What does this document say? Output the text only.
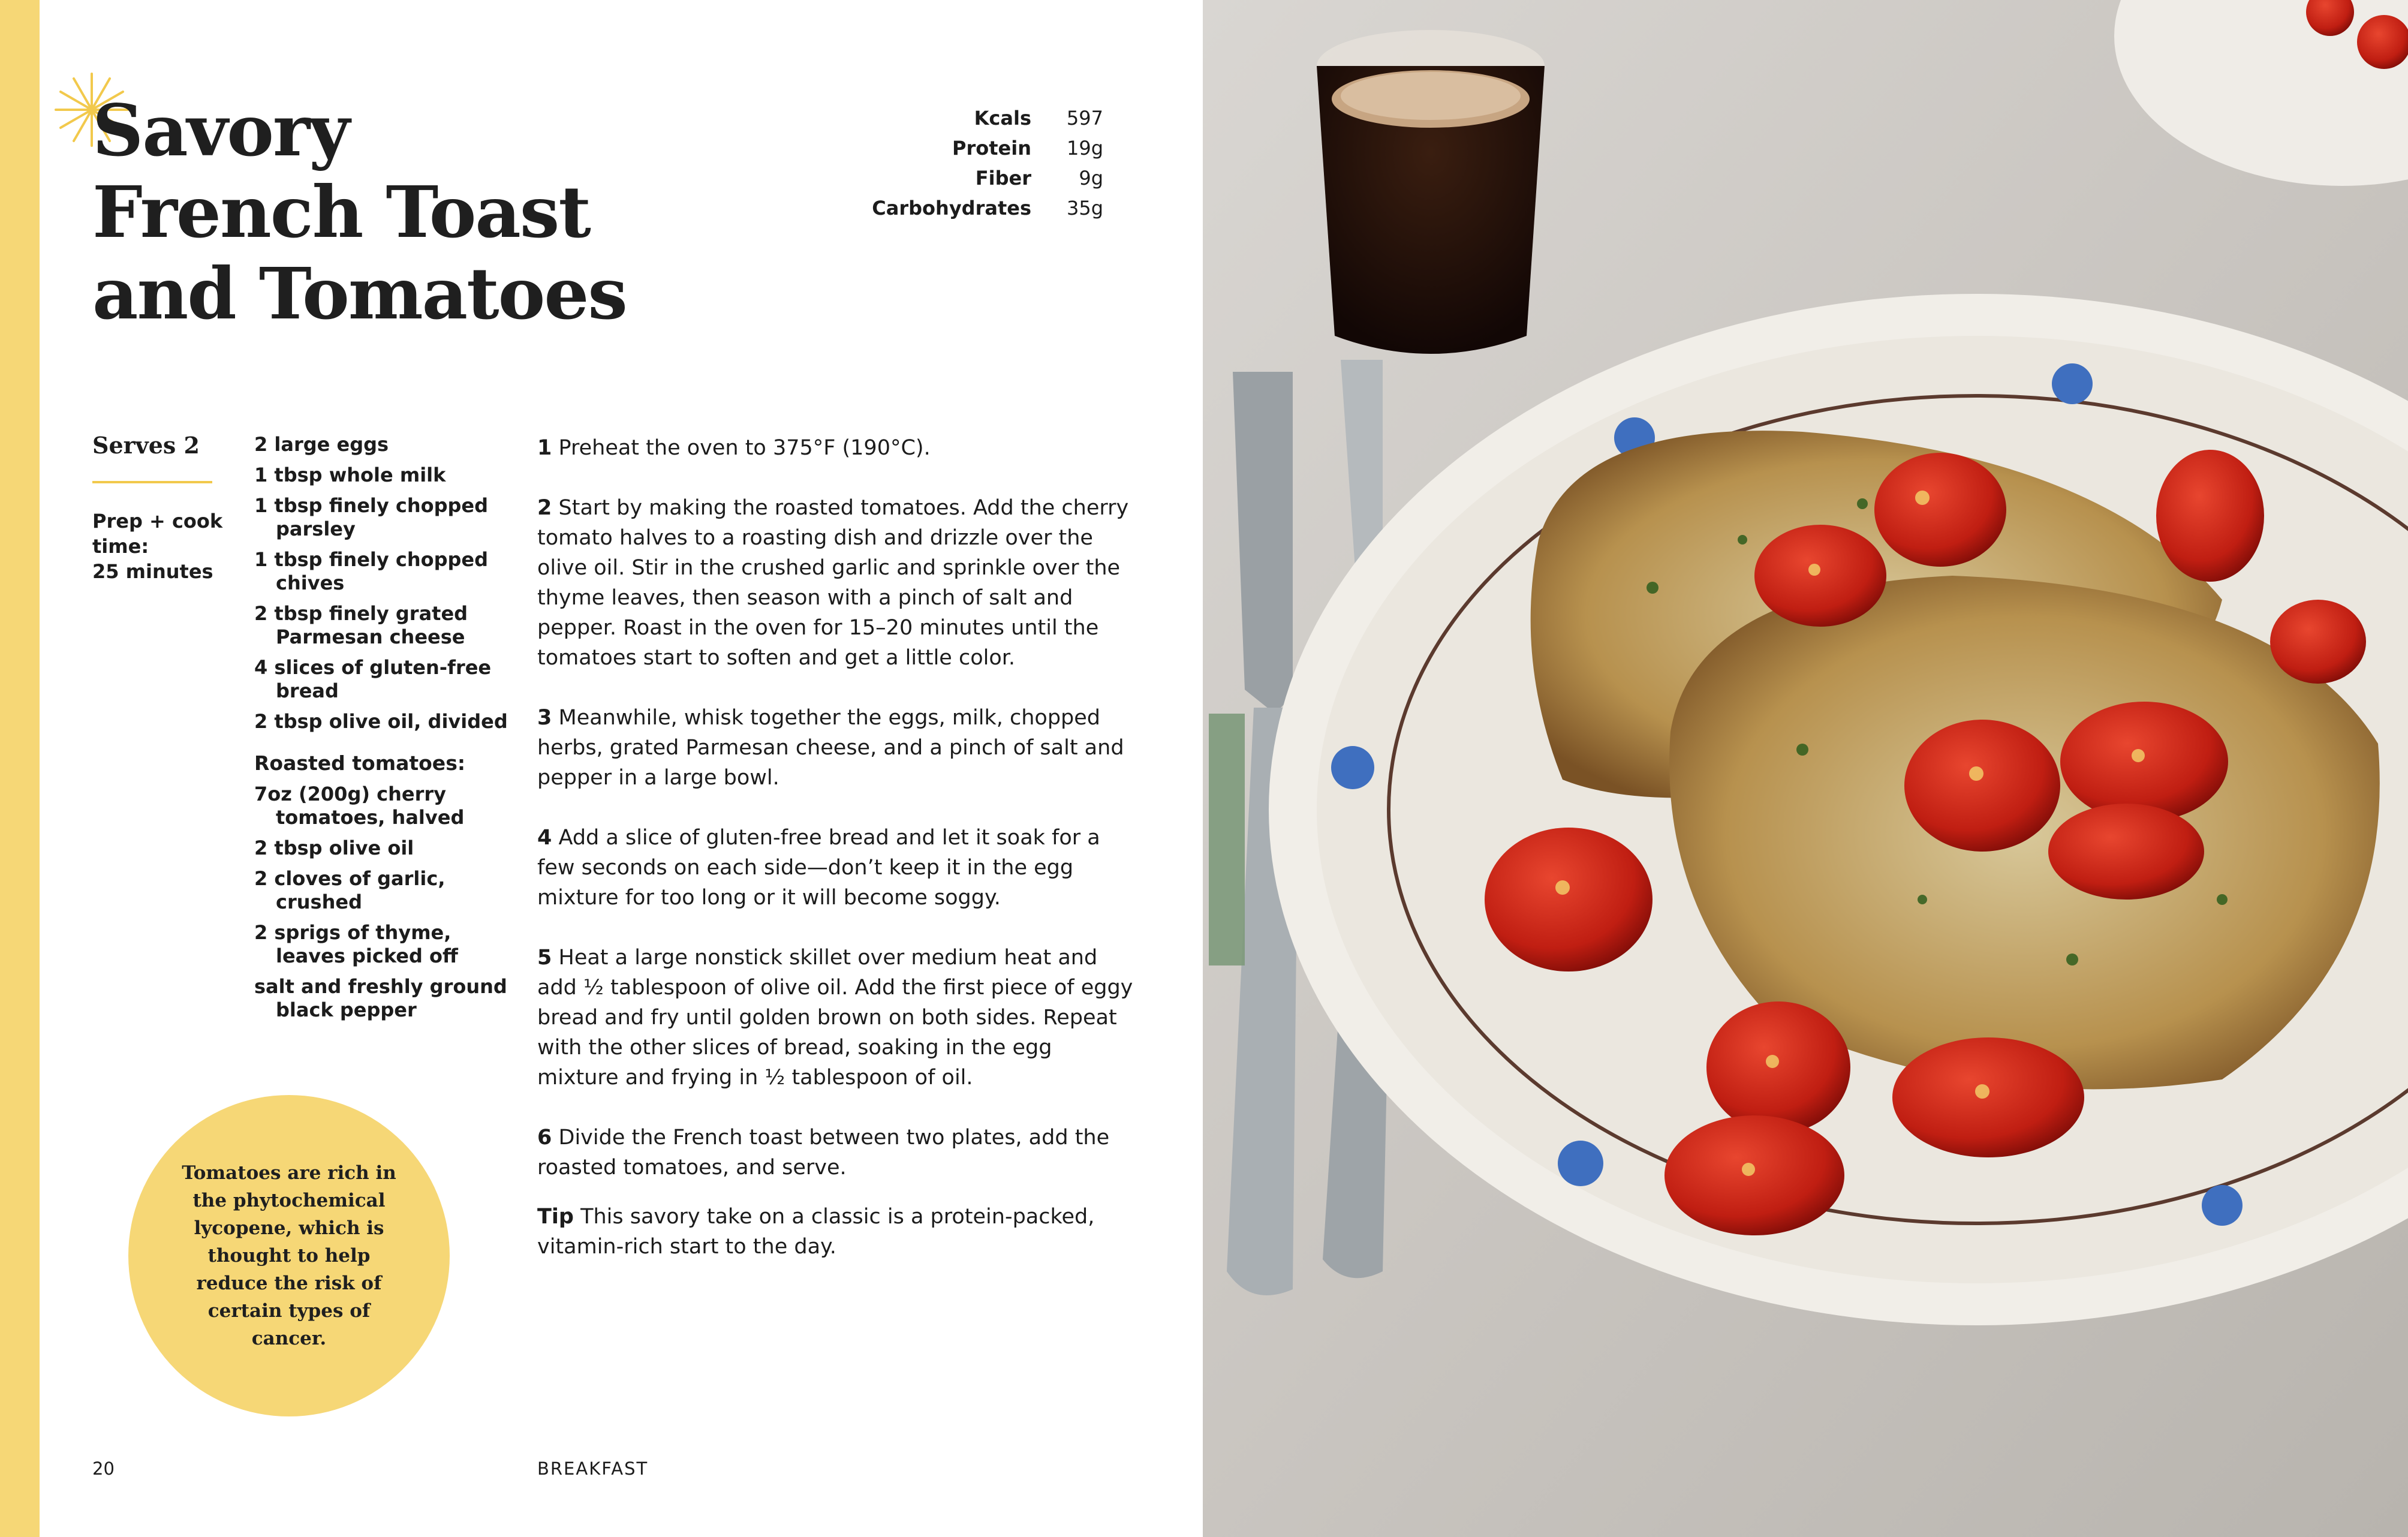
Savory
French Toast
and Tomatoes
Kcals	597
Protein	19g
Fiber	9g
Carbohydrates	35g
Serves 2
Prep + cook
time:
25 minutes
2 large eggs
1 tbsp whole milk
1 tbsp finely chopped parsley
1 tbsp finely chopped chives
2 tbsp finely grated Parmesan cheese
4 slices of gluten-free bread
2 tbsp olive oil, divided
Roasted tomatoes:
7oz (200g) cherry tomatoes, halved
2 tbsp olive oil
2 cloves of garlic, crushed
2 sprigs of thyme, leaves picked off
salt and freshly ground black pepper

1 Preheat the oven to 375°F (190°C).

2 Start by making the roasted tomatoes. Add the cherry tomato halves to a roasting dish and drizzle over the olive oil. Stir in the crushed garlic and sprinkle over the thyme leaves, then season with a pinch of salt and pepper. Roast in the oven for 15–20 minutes until the tomatoes start to soften and get a little color.

3 Meanwhile, whisk together the eggs, milk, chopped herbs, grated Parmesan cheese, and a pinch of salt and pepper in a large bowl.

4 Add a slice of gluten-free bread and let it soak for a few seconds on each side—don’t keep it in the egg mixture for too long or it will become soggy.

5 Heat a large nonstick skillet over medium heat and add ½ tablespoon of olive oil. Add the first piece of eggy bread and fry until golden brown on both sides. Repeat with the other slices of bread, soaking in the egg mixture and frying in ½ tablespoon of oil.

6 Divide the French toast between two plates, add the roasted tomatoes, and serve.

Tip This savory take on a classic is a protein-packed, vitamin-rich start to the day.

Tomatoes are rich in the phytochemical lycopene, which is thought to help reduce the risk of certain types of cancer.
20	BREAKFAST
